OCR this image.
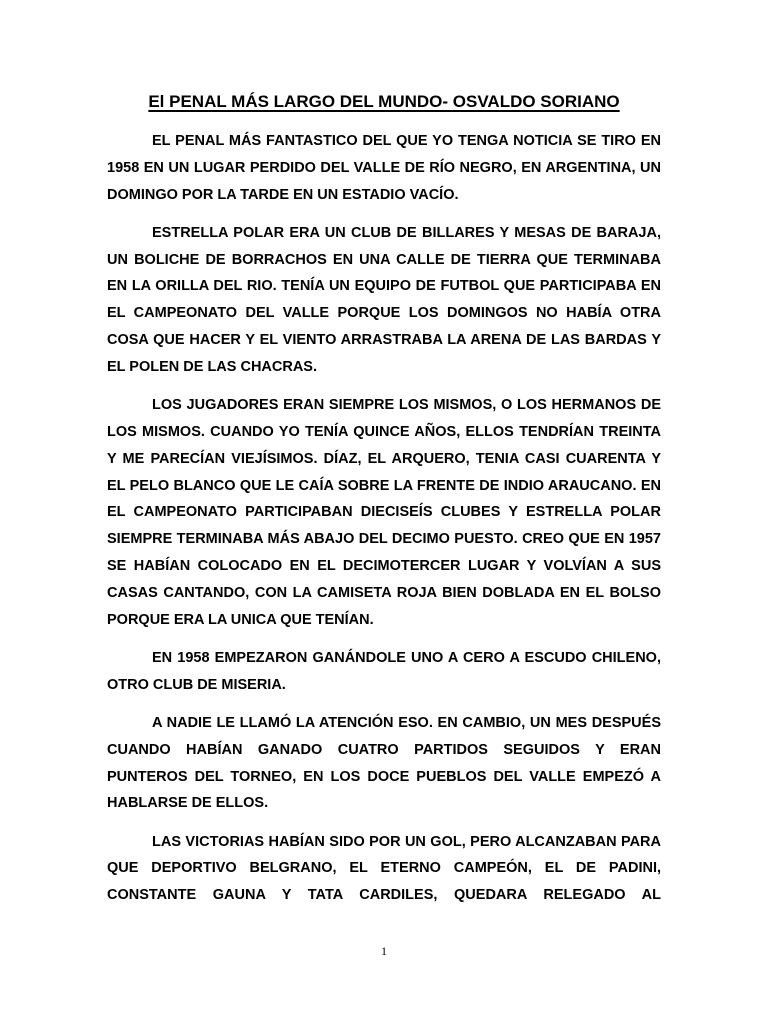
El PENAL MÁS LARGO DEL MUNDO- OSVALDO SORIANO

EL PENAL MÁS FANTASTICO DEL QUE YO TENGA NOTICIA SE TIRO EN 1958 EN UN LUGAR PERDIDO DEL VALLE DE RÍO NEGRO, EN ARGENTINA, UN DOMINGO POR LA TARDE EN UN ESTADIO VACÍO.

ESTRELLA POLAR ERA UN CLUB DE BILLARES Y MESAS DE BARAJA, UN BOLICHE DE BORRACHOS EN UNA CALLE DE TIERRA QUE TERMINABA EN LA ORILLA DEL RIO. TENÍA UN EQUIPO DE FUTBOL QUE PARTICIPABA EN EL CAMPEONATO DEL VALLE PORQUE LOS DOMINGOS NO HABÍA OTRA COSA QUE HACER Y EL VIENTO ARRASTRABA LA ARENA DE LAS BARDAS Y EL POLEN DE LAS CHACRAS.

LOS JUGADORES ERAN SIEMPRE LOS MISMOS, O LOS HERMANOS DE LOS MISMOS. CUANDO YO TENÍA QUINCE AÑOS, ELLOS TENDRÍAN TREINTA Y ME PARECÍAN VIEJÍSIMOS. DÍAZ, EL ARQUERO, TENIA CASI CUARENTA Y EL PELO BLANCO QUE LE CAÍA SOBRE LA FRENTE DE INDIO ARAUCANO. EN EL CAMPEONATO PARTICIPABAN DIECISEÍS CLUBES Y ESTRELLA POLAR SIEMPRE TERMINABA MÁS ABAJO DEL DECIMO PUESTO. CREO QUE EN 1957 SE HABÍAN COLOCADO EN EL DECIMOTERCER LUGAR Y VOLVÍAN A SUS CASAS CANTANDO, CON LA CAMISETA ROJA BIEN DOBLADA EN EL BOLSO PORQUE ERA LA UNICA QUE TENÍAN.

EN 1958 EMPEZARON GANÁNDOLE UNO A CERO A ESCUDO CHILENO, OTRO CLUB DE MISERIA.

A NADIE LE LLAMÓ LA ATENCIÓN ESO. EN CAMBIO, UN MES DESPUÉS CUANDO HABÍAN GANADO CUATRO PARTIDOS SEGUIDOS Y ERAN PUNTEROS DEL TORNEO, EN LOS DOCE PUEBLOS DEL VALLE EMPEZÓ A HABLARSE DE ELLOS.

LAS VICTORIAS HABÍAN SIDO POR UN GOL, PERO ALCANZABAN PARA QUE DEPORTIVO BELGRANO, EL ETERNO CAMPEÓN, EL DE PADINI, CONSTANTE GAUNA Y TATA CARDILES, QUEDARA RELEGADO AL

1
